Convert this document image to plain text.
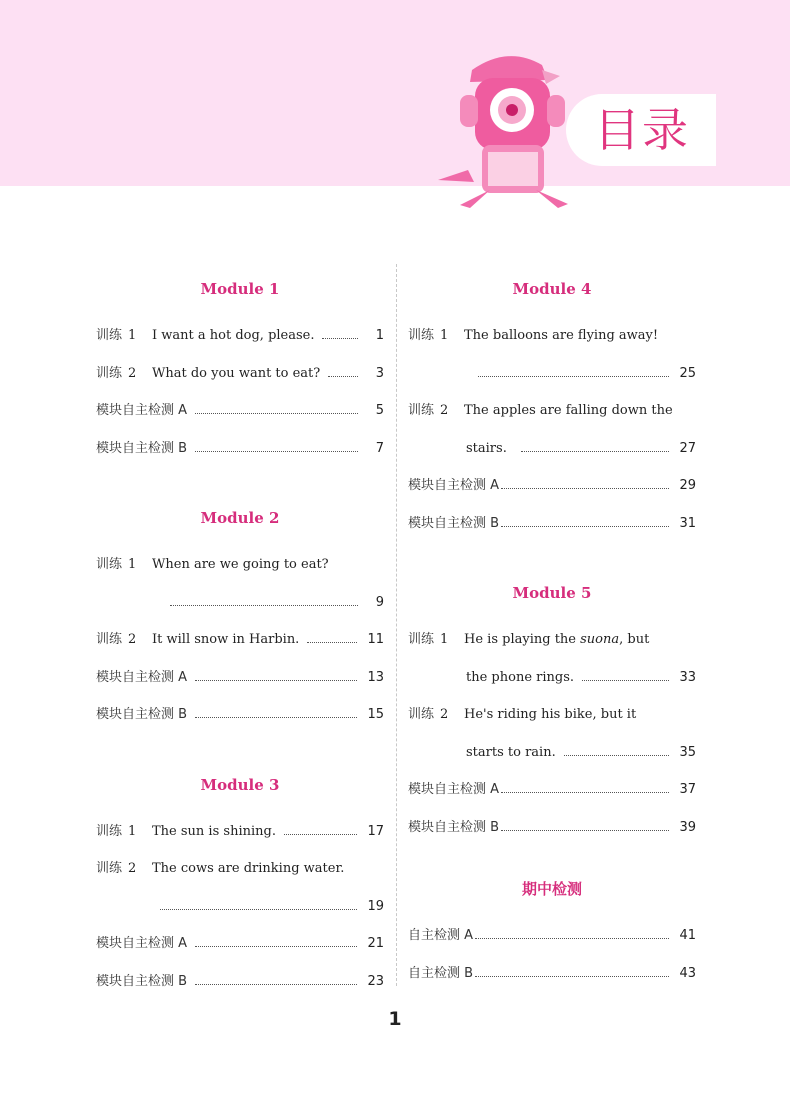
目录
Module 1
训练 1	I want a hot dog, please.	1
训练 2	What do you want to eat?	3
模块自主检测 A	5
模块自主检测 B	7
Module 2
训练 1	When are we going to eat?
9
训练 2	It will snow in Harbin.	11
模块自主检测 A	13
模块自主检测 B	15
Module 3
训练 1	The sun is shining.	17
训练 2	The cows are drinking water.
19
模块自主检测 A	21
模块自主检测 B	23
Module 4
训练 1	The balloons are flying away!
25
训练 2	The apples are falling down the
stairs.	27
模块自主检测 A	29
模块自主检测 B	31
Module 5
训练 1	He is playing the suona, but
the phone rings.	33
训练 2	He's riding his bike, but it
starts to rain.	35
模块自主检测 A	37
模块自主检测 B	39
期中检测
自主检测 A	41
自主检测 B	43
1
